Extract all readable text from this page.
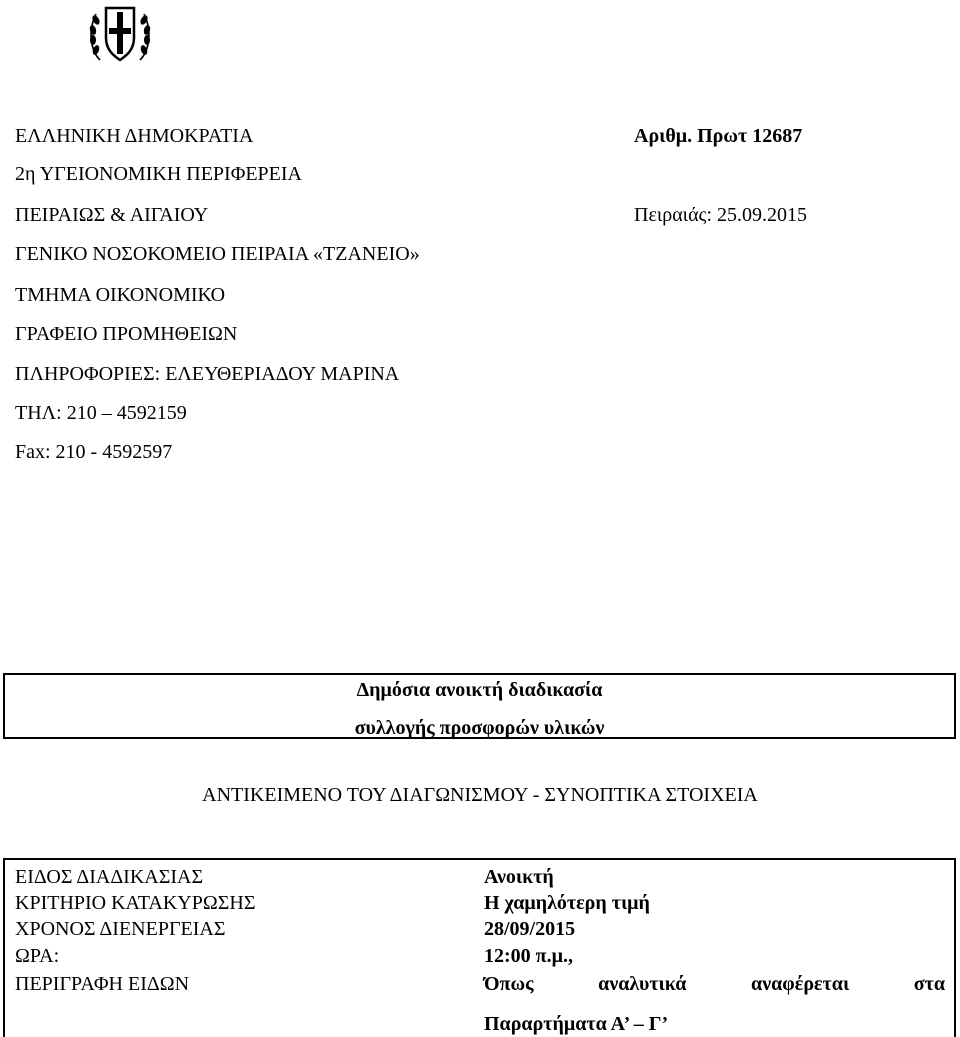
ΕΛΛΗΝΙΚΗ ΔΗΜΟΚΡΑΤΙΑ	Αριθμ. Πρωτ 12687
2η ΥΓΕΙΟΝΟΜΙΚΗ ΠΕΡΙΦΕΡΕΙΑ
ΠΕΙΡΑΙΩΣ & ΑΙΓΑΙΟΥ	Πειραιάς: 25.09.2015
ΓΕΝΙΚΟ ΝΟΣΟΚΟΜΕΙΟ ΠΕΙΡΑΙΑ «ΤΖΑΝΕΙΟ»
ΤΜΗΜΑ ΟΙΚΟΝΟΜΙΚΟ
ΓΡΑΦΕΙΟ ΠΡΟΜΗΘΕΙΩΝ
ΠΛΗΡΟΦΟΡΙΕΣ: ΕΛΕΥΘΕΡΙΑΔΟΥ ΜΑΡΙΝΑ
ΤΗΛ: 210 – 4592159
Fax: 210 - 4592597
Δημόσια ανοικτή διαδικασία
συλλογής προσφορών υλικών
ΑΝΤΙΚΕΙΜΕΝΟ ΤΟΥ ΔΙΑΓΩΝΙΣΜΟΥ - ΣΥΝΟΠΤΙΚΑ ΣΤΟΙΧΕΙΑ
ΕΙΔΟΣ ΔΙΑΔΙΚΑΣΙΑΣ	Ανοικτή
ΚΡΙΤΗΡΙΟ ΚΑΤΑΚΥΡΩΣΗΣ	Η χαμηλότερη τιμή
ΧΡΟΝΟΣ ΔΙΕΝΕΡΓΕΙΑΣ	28/09/2015
ΩΡΑ:	12:00 π.μ.,
ΠΕΡΙΓΡΑΦΗ ΕΙΔΩΝ	Όπως αναλυτικά αναφέρεται στα
Παραρτήματα Α’ – Γ’
